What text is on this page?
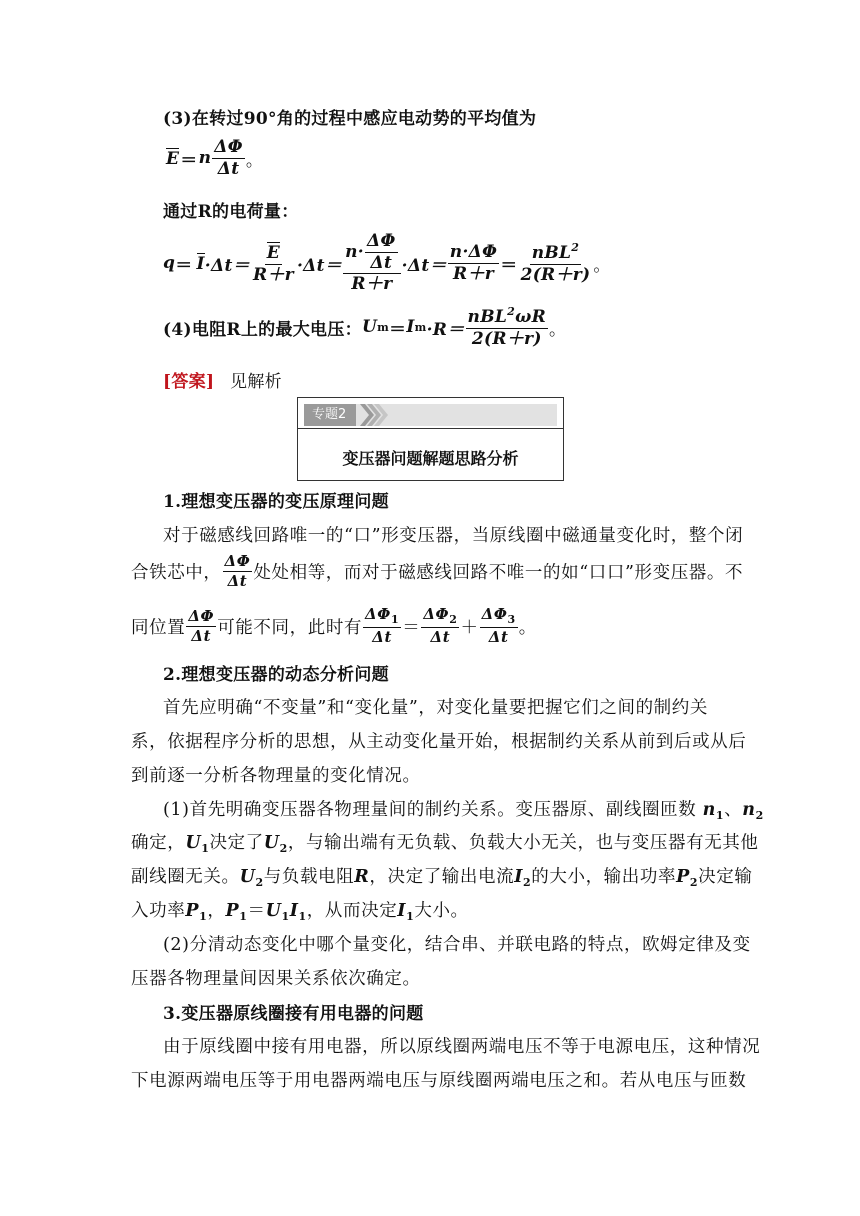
(3)在转过90°角的过程中感应电动势的平均值为
E ＝ n $\frac{\Delta\Phi}{\Delta t}$ 。
通过R的电荷量：
$q = I \cdot\Delta t= \frac{E}{R+r} \cdot\Delta t= \frac{n\cdot \frac{\Delta\Phi}{\Delta t}}{R+r} \cdot\Delta t= \frac{n\cdot\Delta\Phi}{R+r} = \frac{nBL^2}{2(R+r)}$ 。
(4)电阻R上的最大电压： U m ＝ I $m \cdot R= \frac{nBL^2\omega R}{2(R+r)}$ 。
[答案] 见解析
专题2
变压器问题解题思路分析
1.理想变压器的变压原理问题
对于磁感线回路唯一的“口”形变压器，当原线圈中磁通量变化时，整个闭
合铁芯中， $\frac{\Delta\Phi}{\Delta t}$ 处处相等，而对于磁感线回路不唯一的如“口口”形变压器。不
同位置 $\frac{\Delta\Phi}{\Delta t}$ 可能不同，此时有 $\frac{\Delta\Phi_1}{\Delta t} = \frac{\Delta\Phi_2}{\Delta t} + \frac{\Delta\Phi_3}{\Delta t}$ 。
2.理想变压器的动态分析问题
首先应明确“不变量”和“变化量”，对变化量要把握它们之间的制约关
系，依据程序分析的思想，从主动变化量开始，根据制约关系从前到后或从后
到前逐一分析各物理量的变化情况。
(1)首先明确变压器各物理量间的制约关系。变压器原、副线圈匝数 $n_1$、$n_2$
确定，$U_1$决定了$U_2$，与输出端有无负载、负载大小无关，也与变压器有无其他
副线圈无关。$U_2$与负载电阻R，决定了输出电流$I_2$的大小，输出功率$P_2$决定输
入功率$P_1$，$P_1=U_1I_1$，从而决定$I_1$大小。
(2)分清动态变化中哪个量变化，结合串、并联电路的特点，欧姆定律及变
压器各物理量间因果关系依次确定。
3.变压器原线圈接有用电器的问题
由于原线圈中接有用电器，所以原线圈两端电压不等于电源电压，这种情况
下电源两端电压等于用电器两端电压与原线圈两端电压之和。若从电压与匝数
